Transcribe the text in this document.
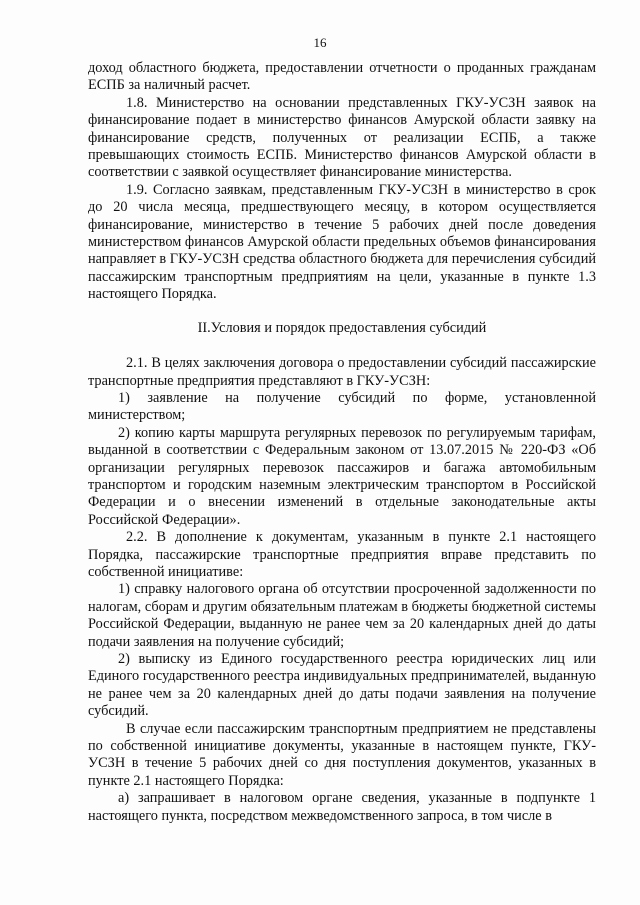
16

доход областного бюджета, предоставлении отчетности о проданных гражданам ЕСПБ за наличный расчет.

1.8. Министерство на основании представленных ГКУ-УСЗН заявок на финансирование подает в министерство финансов Амурской области заявку на финансирование средств, полученных от реализации ЕСПБ, а также превышающих стоимость ЕСПБ. Министерство финансов Амурской области в соответствии с заявкой осуществляет финансирование министерства.

1.9. Согласно заявкам, представленным ГКУ-УСЗН в министерство в срок до 20 числа месяца, предшествующего месяцу, в котором осуществляется финансирование, министерство в течение 5 рабочих дней после доведения министерством финансов Амурской области предельных объемов финансирования направляет в ГКУ-УСЗН средства областного бюджета для перечисления субсидий пассажирским транспортным предприятиям на цели, указанные в пункте 1.3 настоящего Порядка.

II.Условия и порядок предоставления субсидий

2.1. В целях заключения договора о предоставлении субсидий пассажирские транспортные предприятия представляют в ГКУ-УСЗН:

1) заявление на получение субсидий по форме, установленной министерством;

2) копию карты маршрута регулярных перевозок по регулируемым тарифам, выданной в соответствии с Федеральным законом от 13.07.2015 № 220-ФЗ «Об организации регулярных перевозок пассажиров и багажа автомобильным транспортом и городским наземным электрическим транспортом в Российской Федерации и о внесении изменений в отдельные законодательные акты Российской Федерации».

2.2. В дополнение к документам, указанным в пункте 2.1 настоящего Порядка, пассажирские транспортные предприятия вправе представить по собственной инициативе:

1) справку налогового органа об отсутствии просроченной задолженности по налогам, сборам и другим обязательным платежам в бюджеты бюджетной системы Российской Федерации, выданную не ранее чем за 20 календарных дней до даты подачи заявления на получение субсидий;

2) выписку из Единого государственного реестра юридических лиц или Единого государственного реестра индивидуальных предпринимателей, выданную не ранее чем за 20 календарных дней до даты подачи заявления на получение субсидий.

В случае если пассажирским транспортным предприятием не представлены по собственной инициативе документы, указанные в настоящем пункте, ГКУ-УСЗН в течение 5 рабочих дней со дня поступления документов, указанных в пункте 2.1 настоящего Порядка:

а) запрашивает в налоговом органе сведения, указанные в подпункте 1 настоящего пункта, посредством межведомственного запроса, в том числе в
